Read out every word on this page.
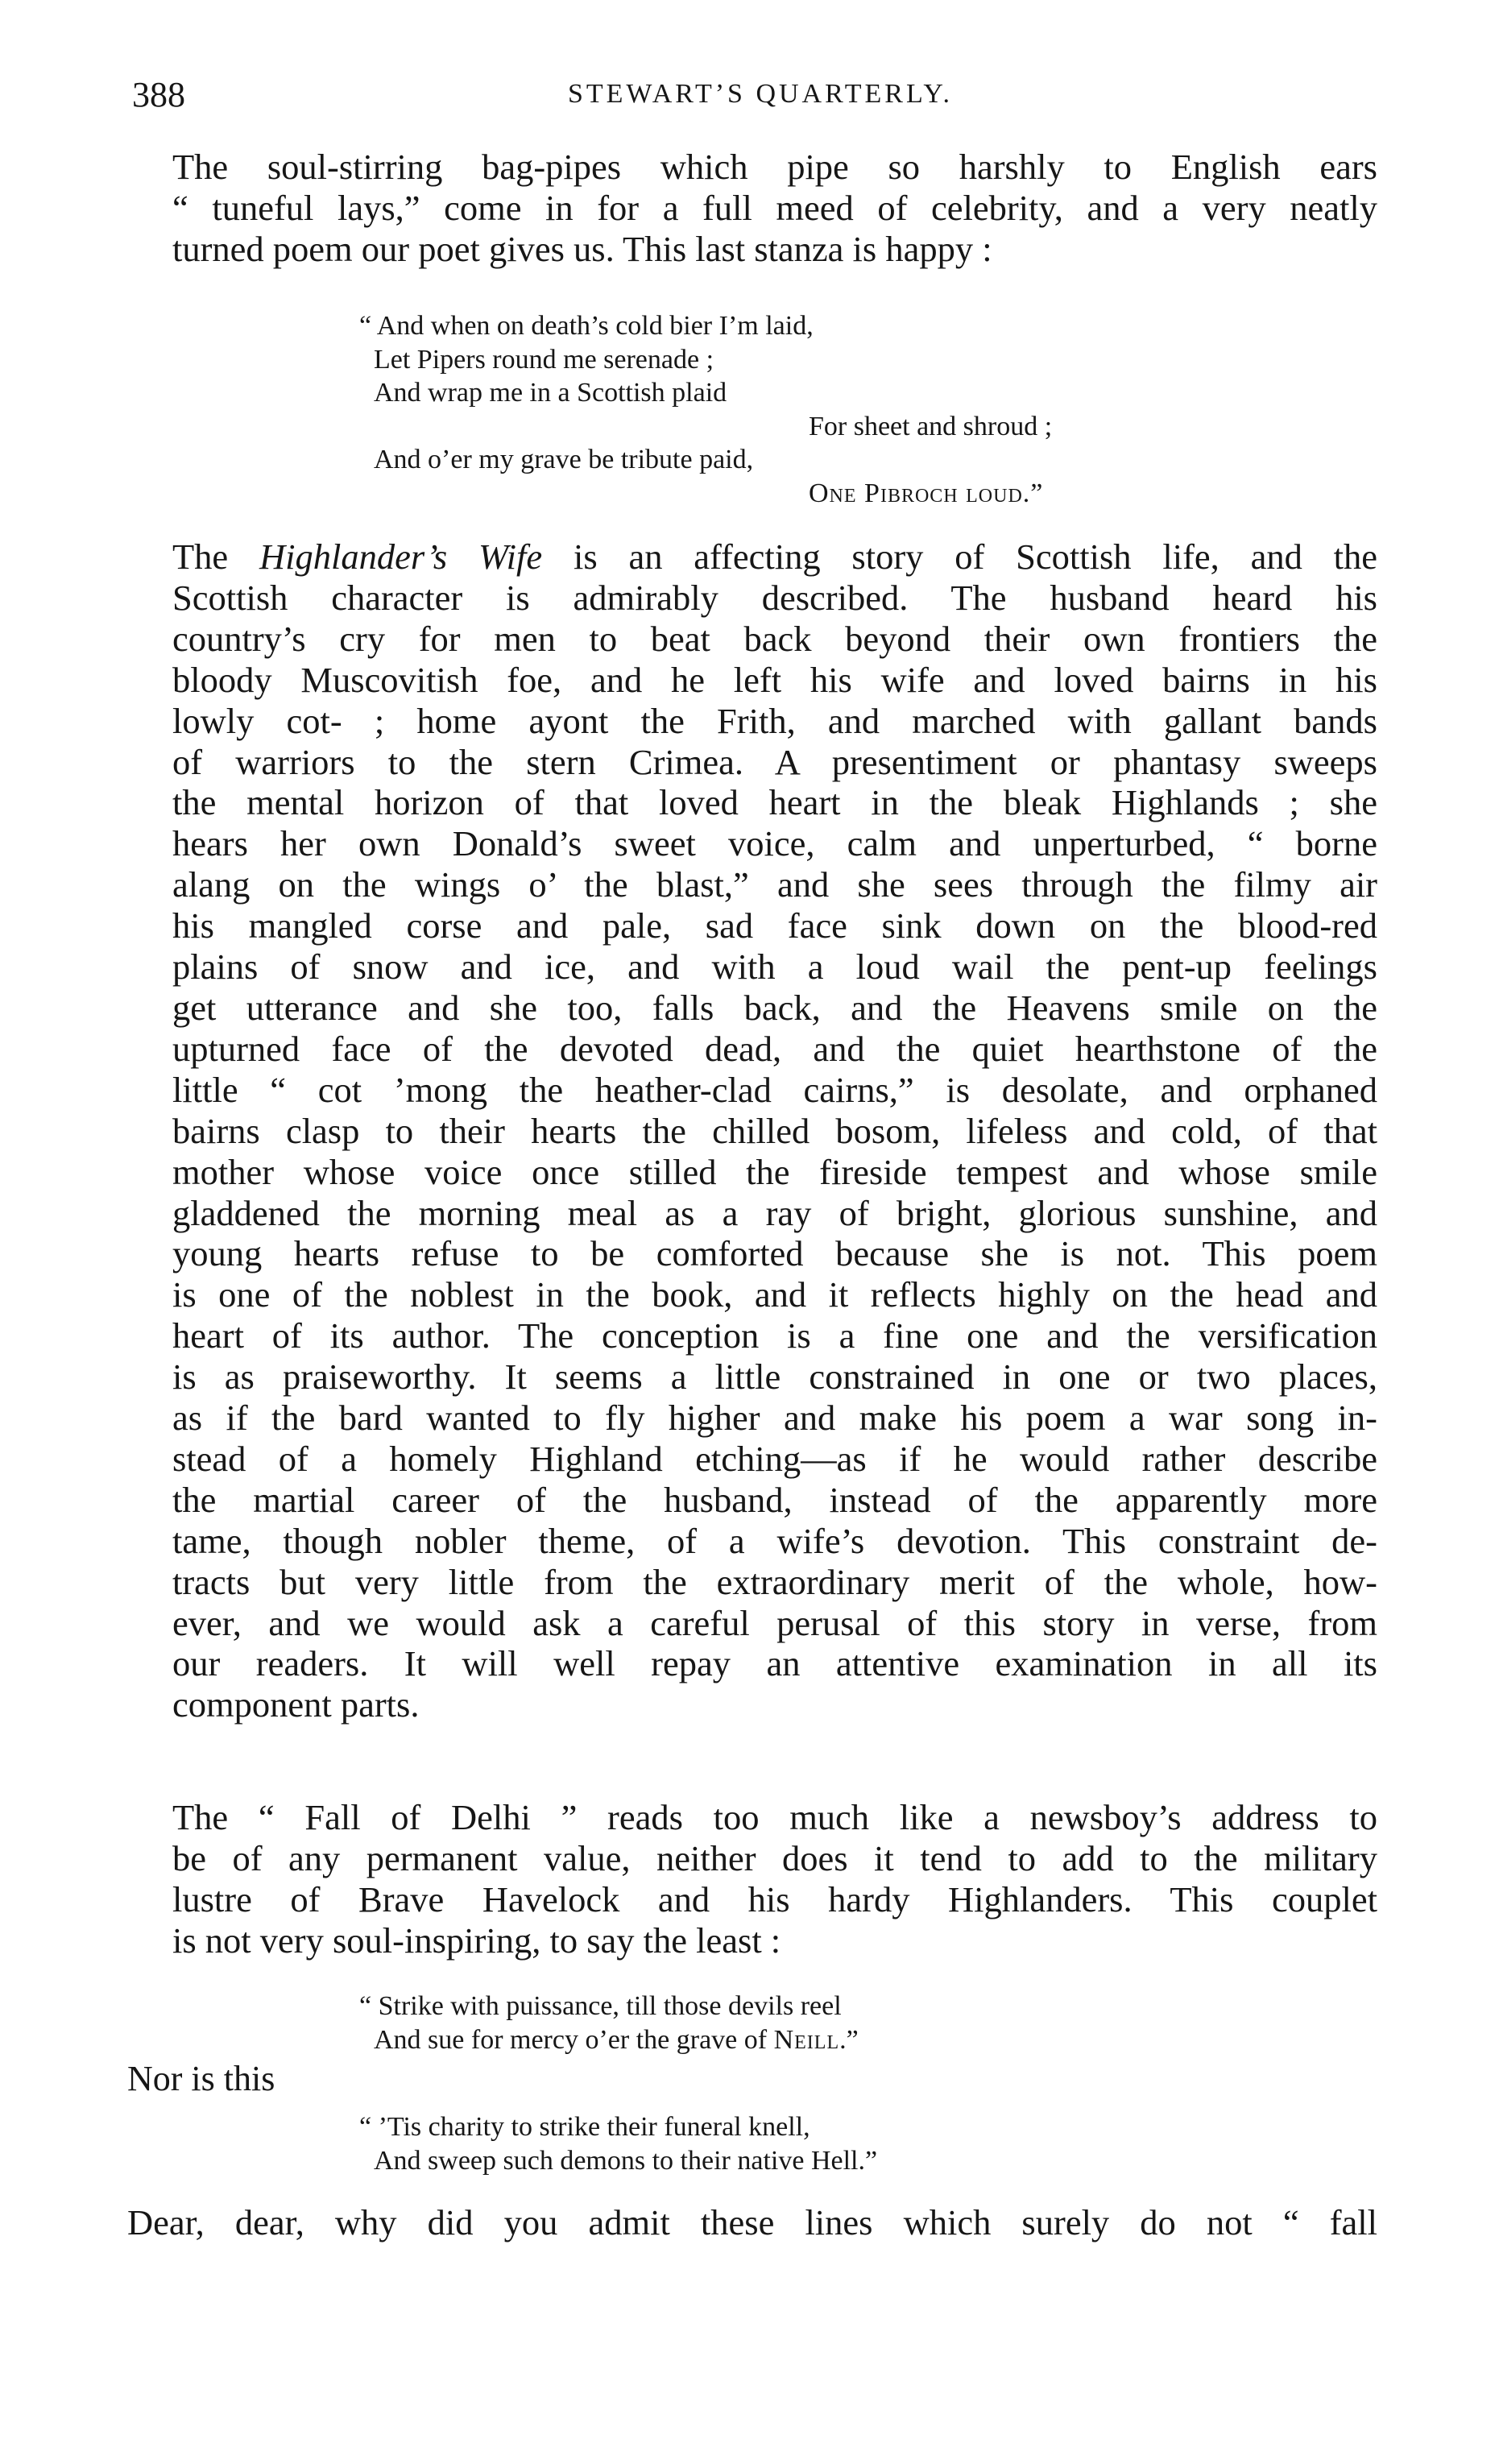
388	STEWART’S QUARTERLY.

The soul-stirring bag-pipes which pipe so harshly to English ears
“ tuneful lays,” come in for a full meed of celebrity, and a very neatly
turned poem our poet gives us. This last stanza is happy :

“ And when on death’s cold bier I’m laid,
Let Pipers round me serenade ;
And wrap me in a Scottish plaid
For sheet and shroud ;
And o’er my grave be tribute paid,
One Pibroch loud.”

The Highlander’s Wife is an affecting story of Scottish life, and the
Scottish character is admirably described. The husband heard his
country’s cry for men to beat back beyond their own frontiers the
bloody Muscovitish foe, and he left his wife and loved bairns in his
lowly cot- ; home ayont the Frith, and marched with gallant bands
of warriors to the stern Crimea. A presentiment or phantasy sweeps
the mental horizon of that loved heart in the bleak Highlands ; she
hears her own Donald’s sweet voice, calm and unperturbed, “ borne
alang on the wings o’ the blast,” and she sees through the filmy air
his mangled corse and pale, sad face sink down on the blood-red
plains of snow and ice, and with a loud wail the pent-up feelings
get utterance and she too, falls back, and the Heavens smile on the
upturned face of the devoted dead, and the quiet hearthstone of the
little “ cot ’mong the heather-clad cairns,” is desolate, and orphaned
bairns clasp to their hearts the chilled bosom, lifeless and cold, of that
mother whose voice once stilled the fireside tempest and whose smile
gladdened the morning meal as a ray of bright, glorious sunshine, and
young hearts refuse to be comforted because she is not. This poem
is one of the noblest in the book, and it reflects highly on the head and
heart of its author. The conception is a fine one and the versification
is as praiseworthy. It seems a little constrained in one or two places,
as if the bard wanted to fly higher and make his poem a war song in-
stead of a homely Highland etching—as if he would rather describe
the martial career of the husband, instead of the apparently more
tame, though nobler theme, of a wife’s devotion. This constraint de-
tracts but very little from the extraordinary merit of the whole, how-
ever, and we would ask a careful perusal of this story in verse, from
our readers. It will well repay an attentive examination in all its
component parts.

The “ Fall of Delhi ” reads too much like a newsboy’s address to
be of any permanent value, neither does it tend to add to the military
lustre of Brave Havelock and his hardy Highlanders. This couplet
is not very soul-inspiring, to say the least :

“ Strike with puissance, till those devils reel
And sue for mercy o’er the grave of Neill.”
Nor is this
“ ’Tis charity to strike their funeral knell,
And sweep such demons to their native Hell.”

Dear, dear, why did you admit these lines which surely do not “ fall
